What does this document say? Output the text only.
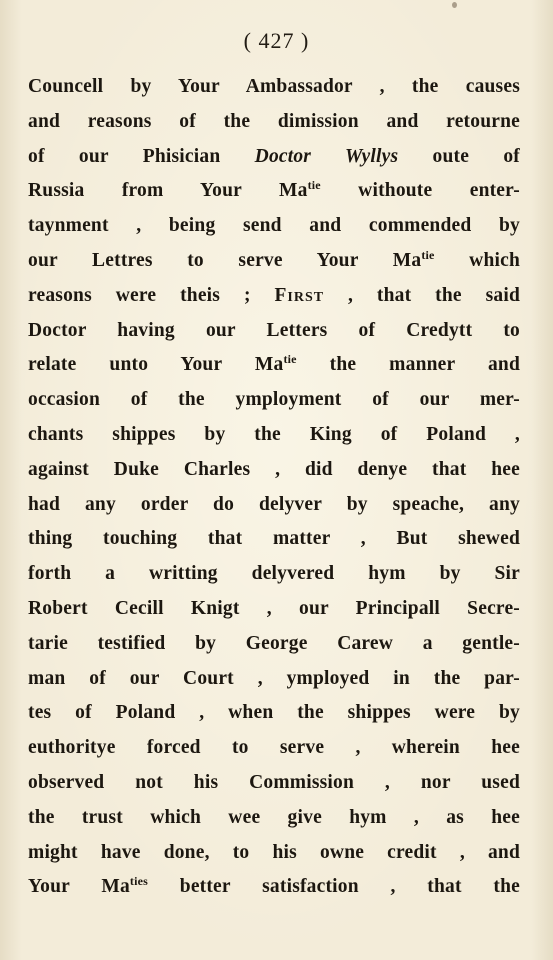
( 427 )
Councell by Your Ambassador , the causes
and reasons of the dimission and retourne
of our Phisician Doctor Wyllys oute of
Russia from Your $Ma^{tie}$ withoute enter-
taynment , being send and commended by
our Lettres to serve Your $Ma^{tie}$ which
reasons were theis ; First , that the said
Doctor having our Letters of Credytt to
relate unto Your $Ma^{tie}$ the manner and
occasion of the ymployment of our mer-
chants shippes by the King of Poland ,
against Duke Charles , did denye that hee
had any order do delyver by speache, any
thing touching that matter , But shewed
forth a writting delyvered hym by Sir
Robert Cecill Knigt , our Principall Secre-
tarie testified by George Carew a gentle-
man of our Court , ymployed in the par-
tes of Poland , when the shippes were by
euthoritye forced to serve , wherein hee
observed not his Commission , nor used
the trust which wee give hym , as hee
might have done, to his owne credit , and
Your $Ma^{ties}$ better satisfaction , that the
